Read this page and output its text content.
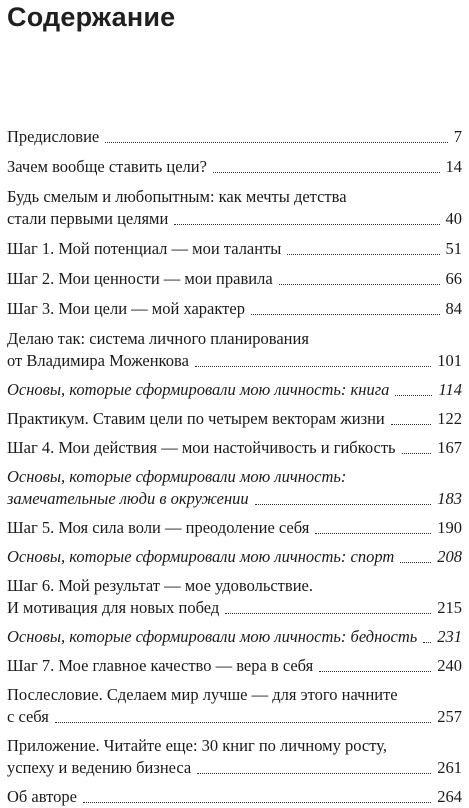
Содержание
Предисловие	7
Зачем вообще ставить цели?	14
Будь смелым и любопытным: как мечты детства
стали первыми целями	40
Шаг 1. Мой потенциал — мои таланты	51
Шаг 2. Мои ценности — мои правила	66
Шаг 3. Мои цели — мой характер	84
Делаю так: система личного планирования
от Владимира Моженкова	101
Основы, которые сформировали мою личность: книга	114
Практикум. Ставим цели по четырем векторам жизни	122
Шаг 4. Мои действия — мои настойчивость и гибкость	167
Основы, которые сформировали мою личность:
замечательные люди в окружении	183
Шаг 5. Моя сила воли — преодоление себя	190
Основы, которые сформировали мою личность: спорт	208
Шаг 6. Мой результат — мое удовольствие.
И мотивация для новых побед	215
Основы, которые сформировали мою личность: бедность 231
Шаг 7. Мое главное качество — вера в себя	240
Послесловие. Сделаем мир лучше — для этого начните
с себя	257
Приложение. Читайте еще: 30 книг по личному росту,
успеху и ведению бизнеса	261
Об авторе	264
